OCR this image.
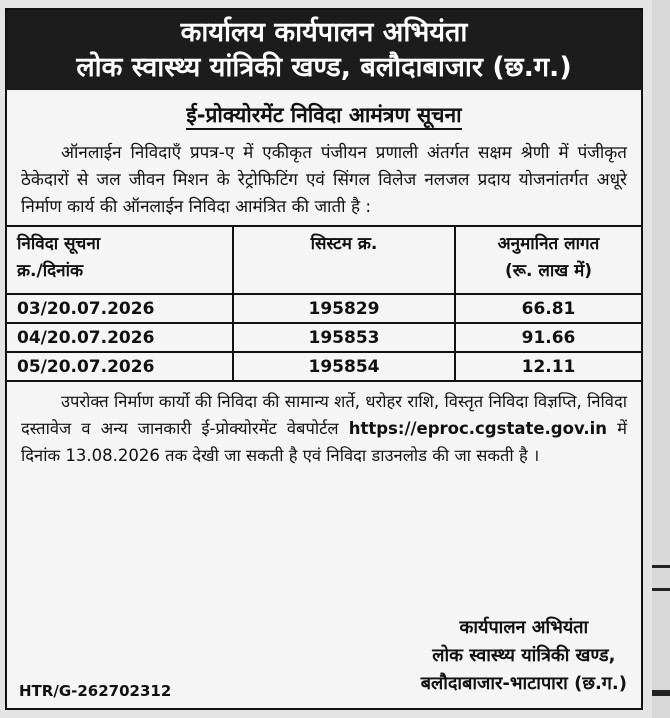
कार्यालय कार्यपालन अभियंता
लोक स्वास्थ्य यांत्रिकी खण्ड, बलौदाबाजार (छ.ग.)
ई-प्रोक्योरमेंट निविदा आमंत्रण सूचना
ऑनलाईन निविदाएँ प्रपत्र-ए में एकीकृत पंजीयन प्रणाली अंतर्गत सक्षम श्रेणी में पंजीकृत ठेकेदारों से जल जीवन मिशन के रेट्रोफिटिंग एवं सिंगल विलेज नलजल प्रदाय योजनांतर्गत अधूरे निर्माण कार्य की ऑनलाईन निविदा आमंत्रित की जाती है :
निविदा सूचना
क्र./दिनांक	सिस्टम क्र.	अनुमानित लागत
(रू. लाख में)
03/20.07.2026	195829	66.81
04/20.07.2026	195853	91.66
05/20.07.2026	195854	12.11
उपरोक्त निर्माण कार्यो की निविदा की सामान्य शर्ते, धरोहर राशि, विस्तृत निविदा विज्ञप्ति, निविदा दस्तावेज व अन्य जानकारी ई-प्रोक्योरमेंट वेबपोर्टल https://eproc.cgstate.gov.in में दिनांक 13.08.2026 तक देखी जा सकती है एवं निविदा डाउनलोड की जा सकती है ।
कार्यपालन अभियंता
लोक स्वास्थ्य यांत्रिकी खण्ड,
बलौदाबाजार-भाटापारा (छ.ग.)
HTR/G-262702312
